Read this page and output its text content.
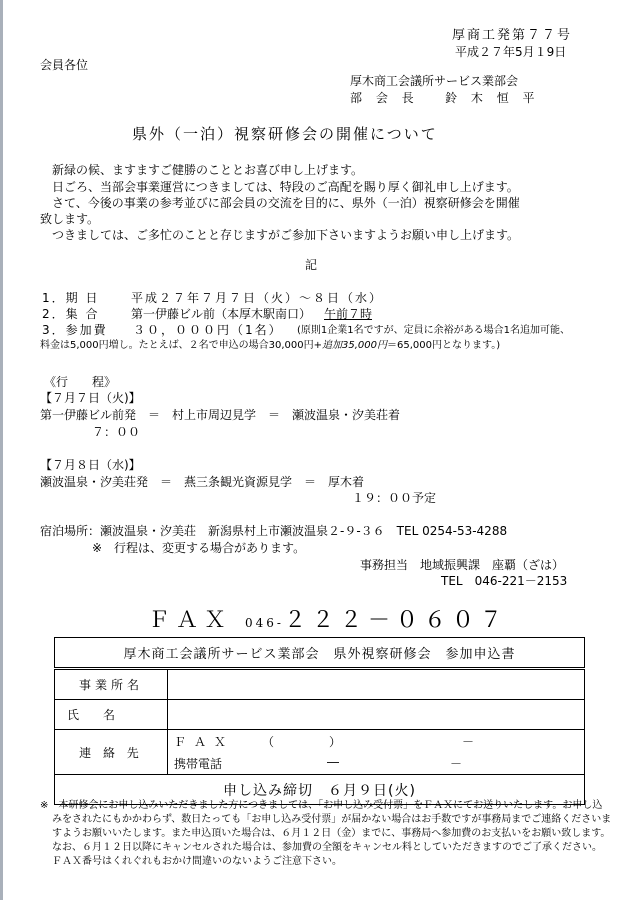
厚商工発第７７号
平成２７年5月１9日
会員各位
厚木商工会議所サービス業部会
部 会 長 鈴 木 恒 平
県外（一泊）視察研修会の開催について
新緑の候、ますますご健勝のこととお喜び申し上げます。
日ごろ、当部会事業運営につきましては、特段のご高配を賜り厚く御礼申し上げます。
さて、今後の事業の参考並びに部会員の交流を目的に、県外（一泊）視察研修会を開催
致します。
つきましては、ご多忙のことと存じますがご参加下さいますようお願い申し上げます。
記
1．期 日	平成２７年７月７日（火）～８日（水）
2．集 合	第一伊藤ビル前（本厚木駅南口） 午前７時
3．参加費 ３０，０００円（1名） (原則1企業1名ですが、定員に余裕がある場合1名追加可能、
料金は5,000円増し。たとえば、２名で申込の場合30,000円+追加35,000円＝65,000円となります。)
《行　　程》
【７月７日（火)】
第一伊藤ビル前発　＝　村上市周辺見学　＝　瀬波温泉・汐美荘着
７：００
【７月８日（水)】
瀬波温泉・汐美荘発　＝　燕三条観光資源見学　＝　厚木着
１９：００予定
宿泊場所：瀬波温泉・汐美荘　新潟県村上市瀬波温泉２-９-３６　TEL 0254-53-4288
※　行程は、変更する場合があります。
事務担当　地域振興課　座覇（ざは）
TEL　046-221－2153
ＦＡＸ 046-２２２－０６０７
厚木商工会議所サービス業部会　県外視察研修会　参加申込書	
事業所名	
氏　　名	
連 絡 先	ＦＡＸ （ ） －

	携帯電話 ― －

申し込み締切　６月９日(火)	
※　本研修会にお申し込みいただきました方につきましては、「お申し込み受付票」をＦＡＸにてお送りいたします。お申し込
みをされたにもかかわらず、数日たっても「お申し込み受付票」が届かない場合はお手数ですが事務局までご連絡くださいま
すようお願いいたします。また申込頂いた場合は、６月１２日（金）までに、事務局へ参加費のお支払いをお願い致します。
なお、６月１２日以降にキャンセルされた場合は、参加費の全額をキャンセル料としていただきますのでご了承ください。
ＦＡＸ番号はくれぐれもおかけ間違いのないようご注意下さい。
